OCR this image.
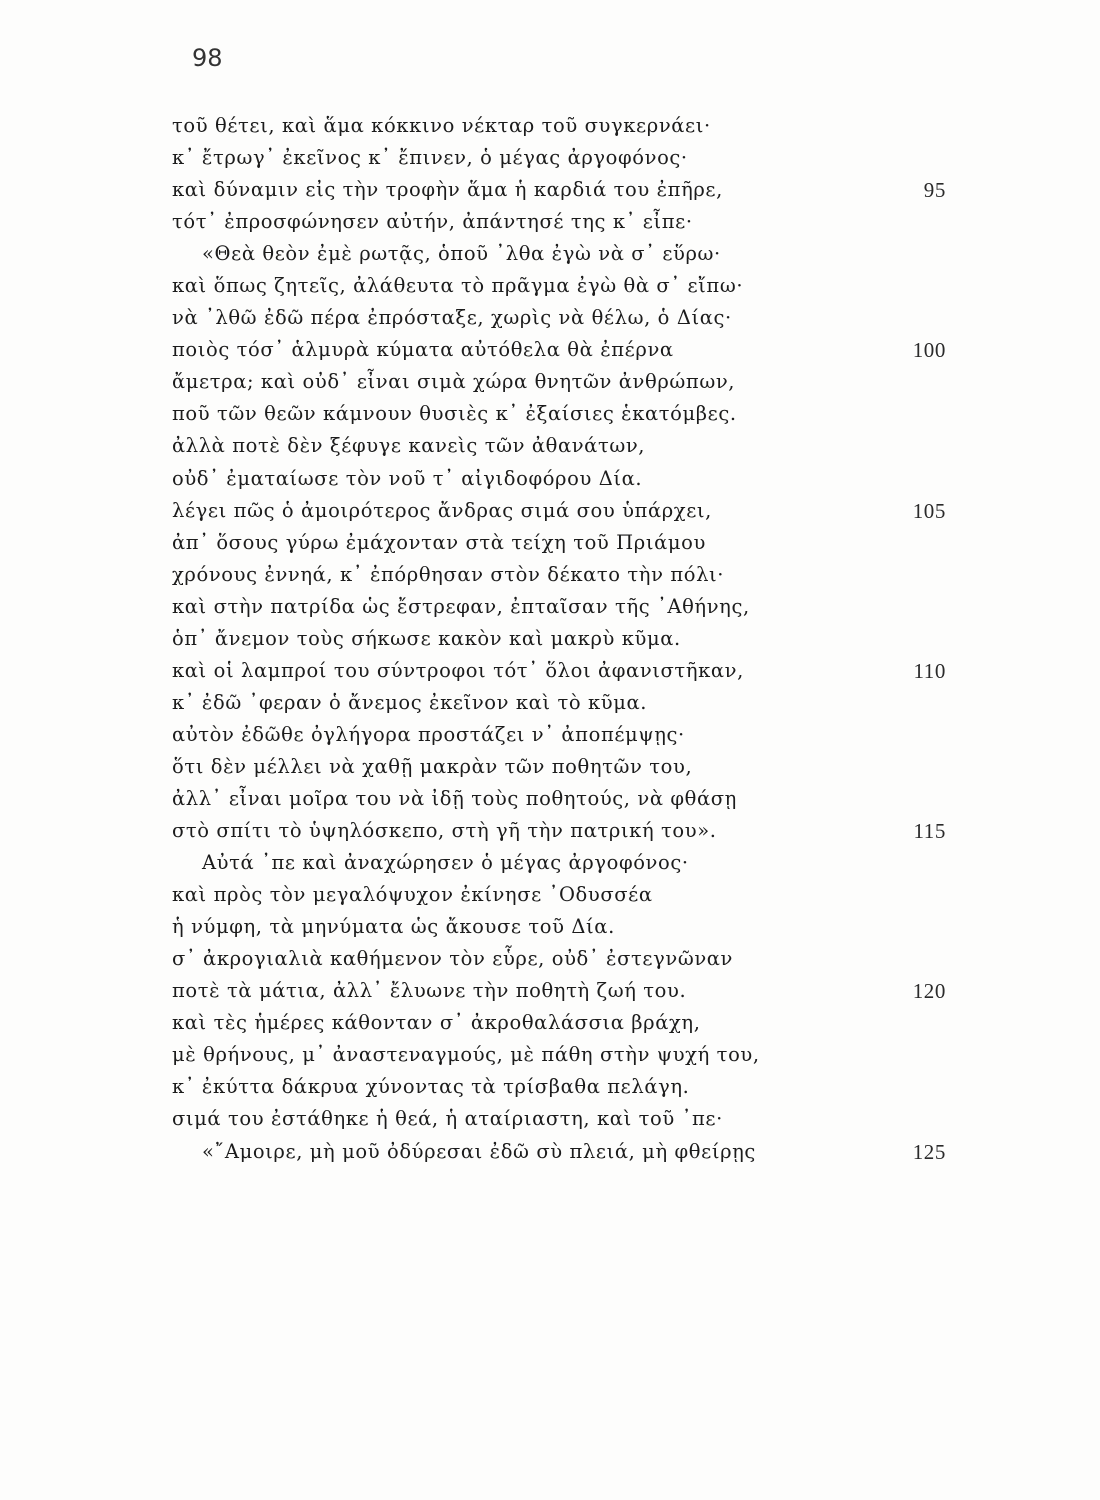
98
τοῦ θέτει, καὶ ἅμα κόκκινο νέκταρ τοῦ συγκερνάει·
κ᾽ ἔτρωγ᾽ ἐκεῖνος κ᾽ ἔπινεν, ὁ μέγας ἀργοφόνος·
καὶ δύναμιν εἰς τὴν τροφὴν ἅμα ἡ καρδιά του ἐπῆρε,	95
τότ᾽ ἐπροσφώνησεν αὐτήν, ἀπάντησέ της κ᾽ εἶπε·
«Θεὰ θεὸν ἐμὲ ρωτᾷς, ὁποῦ ᾽λθα ἐγὼ νὰ σ᾽ εὕρω·
καὶ ὅπως ζητεῖς, ἀλάθευτα τὸ πρᾶγμα ἐγὼ θὰ σ᾽ εἴπω·
νὰ ᾽λθῶ ἐδῶ πέρα ἐπρόσταξε, χωρὶς νὰ θέλω, ὁ Δίας·
ποιὸς τόσ᾽ ἁλμυρὰ κύματα αὐτόθελα θὰ ἐπέρνα	100
ἄμετρα; καὶ οὐδ᾽ εἶναι σιμὰ χώρα θνητῶν ἀνθρώπων,
ποῦ τῶν θεῶν κάμνουν θυσιὲς κ᾽ ἐξαίσιες ἑκατόμβες.
ἀλλὰ ποτὲ δὲν ξέφυγε κανεὶς τῶν ἀθανάτων,
οὐδ᾽ ἐματαίωσε τὸν νοῦ τ᾽ αἰγιδοφόρου Δία.
λέγει πῶς ὁ ἀμοιρότερος ἄνδρας σιμά σου ὑπάρχει,	105
ἀπ᾽ ὅσους γύρω ἐμάχονταν στὰ τείχη τοῦ Πριάμου
χρόνους ἐννηά, κ᾽ ἐπόρθησαν στὸν δέκατο τὴν πόλι·
καὶ στὴν πατρίδα ὡς ἔστρεφαν, ἐπταῖσαν τῆς ᾽Αθήνης,
ὁπ᾽ ἄνεμον τοὺς σήκωσε κακὸν καὶ μακρὺ κῦμα.
καὶ οἱ λαμπροί του σύντροφοι τότ᾽ ὅλοι ἀφανιστῆκαν,	110
κ᾽ ἐδῶ ᾽φεραν ὁ ἄνεμος ἐκεῖνον καὶ τὸ κῦμα.
αὐτὸν ἐδῶθε ὀγλήγορα προστάζει ν᾽ ἀποπέμψῃς·
ὅτι δὲν μέλλει νὰ χαθῇ μακρὰν τῶν ποθητῶν του,
ἀλλ᾽ εἶναι μοῖρα του νὰ ἰδῇ τοὺς ποθητούς, νὰ φθάσῃ
στὸ σπίτι τὸ ὑψηλόσκεπο, στὴ γῆ τὴν πατρική του».	115
Αὐτά ᾽πε καὶ ἀναχώρησεν ὁ μέγας ἀργοφόνος·
καὶ πρὸς τὸν μεγαλόψυχον ἐκίνησε ᾽Οδυσσέα
ἡ νύμφη, τὰ μηνύματα ὡς ἄκουσε τοῦ Δία.
σ᾽ ἀκρογιαλιὰ καθήμενον τὸν εὗρε, οὐδ᾽ ἐστεγνῶναν
ποτὲ τὰ μάτια, ἀλλ᾽ ἔλυωνε τὴν ποθητὴ ζωή του.	120
καὶ τὲς ἡμέρες κάθονταν σ᾽ ἀκροθαλάσσια βράχη,
μὲ θρήνους, μ᾽ ἀναστεναγμούς, μὲ πάθη στὴν ψυχή του,
κ᾽ ἐκύττα δάκρυα χύνοντας τὰ τρίσβαθα πελάγη.
σιμά του ἐστάθηκε ἡ θεά, ἡ αταίριαστη, καὶ τοῦ ᾽πε·
«῎Αμοιρε, μὴ μοῦ ὀδύρεσαι ἐδῶ σὺ πλειά, μὴ φθείρῃς	125
